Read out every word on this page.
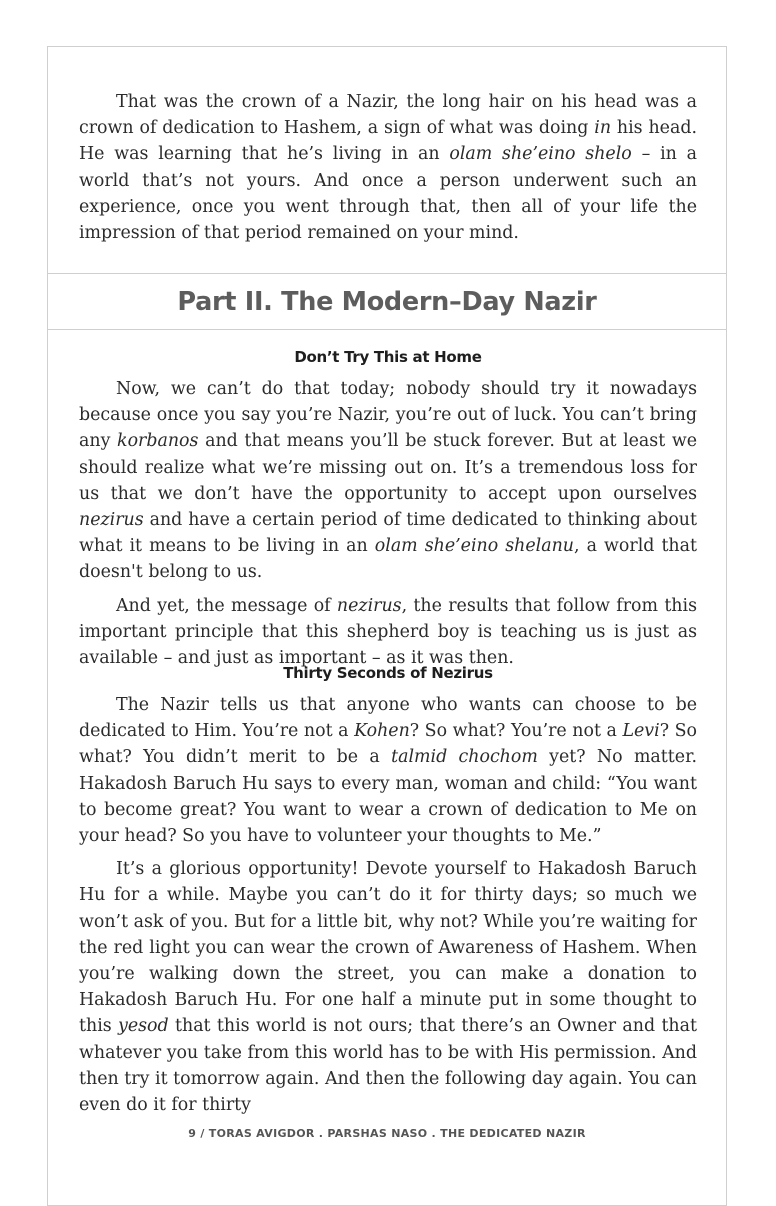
That was the crown of a Nazir, the long hair on his head was a crown of dedication to Hashem, a sign of what was doing in his head. He was learning that he’s living in an olam she’eino shelo – in a world that’s not yours. And once a person underwent such an experience, once you went through that, then all of your life the impression of that period remained on your mind.

Part II. The Modern–Day Nazir
Don’t Try This at Home

Now, we can’t do that today; nobody should try it nowadays because once you say you’re Nazir, you’re out of luck. You can’t bring any korbanos and that means you’ll be stuck forever. But at least we should realize what we’re missing out on. It’s a tremendous loss for us that we don’t have the opportunity to accept upon ourselves nezirus and have a certain period of time dedicated to thinking about what it means to be living in an olam she’eino shelanu, a world that doesn't belong to us.

And yet, the message of nezirus, the results that follow from this important principle that this shepherd boy is teaching us is just as available – and just as important – as it was then.

Thirty Seconds of Nezirus

The Nazir tells us that anyone who wants can choose to be dedicated to Him. You’re not a Kohen? So what? You’re not a Levi? So what? You didn’t merit to be a talmid chochom yet? No matter. Hakadosh Baruch Hu says to every man, woman and child: “You want to become great? You want to wear a crown of dedication to Me on your head? So you have to volunteer your thoughts to Me.”

It’s a glorious opportunity! Devote yourself to Hakadosh Baruch Hu for a while. Maybe you can’t do it for thirty days; so much we won’t ask of you. But for a little bit, why not? While you’re waiting for the red light you can wear the crown of Awareness of Hashem. When you’re walking down the street, you can make a donation to Hakadosh Baruch Hu. For one half a minute put in some thought to this yesod that this world is not ours; that there’s an Owner and that whatever you take from this world has to be with His permission. And then try it tomorrow again. And then the following day again. You can even do it for thirty

9 / TORAS AVIGDOR . PARSHAS NASO . THE DEDICATED NAZIR
